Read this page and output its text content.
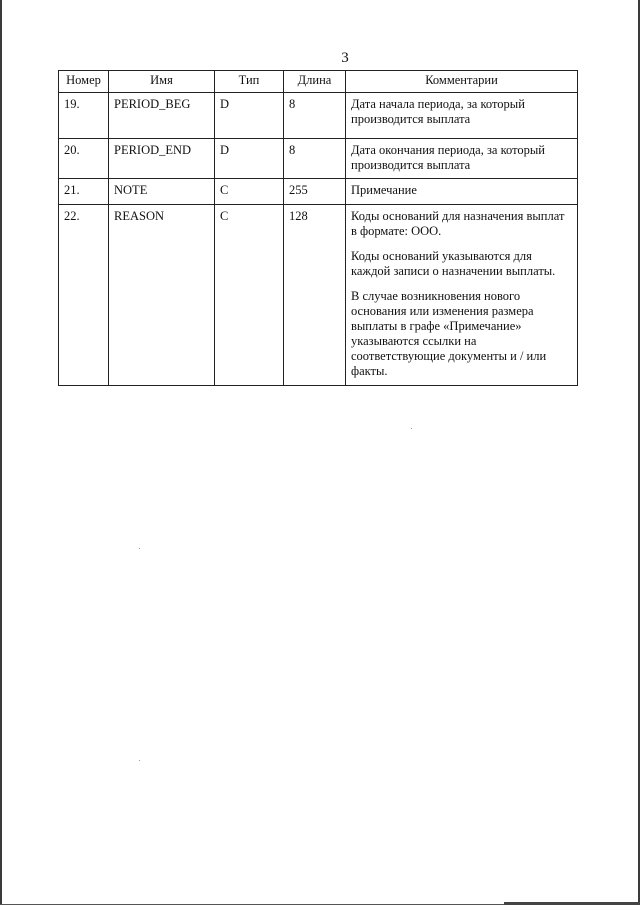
3
Номер	Имя	Тип	Длина	Комментарии
19.	PERIOD_BEG	D	8	Дата начала периода, за который производится выплата

20.	PERIOD_END	D	8	Дата окончания периода, за который производится выплата

21.	NOTE	C	255	Примечание

22.	REASON	C	128	Коды оснований для назначения выплат в формате: ООО.

Коды оснований указываются для каждой записи о назначении выплаты.

В случае возникновения нового основания или изменения размера выплаты в графе «Примечание» указываются ссылки на соответствующие документы и / или факты.
